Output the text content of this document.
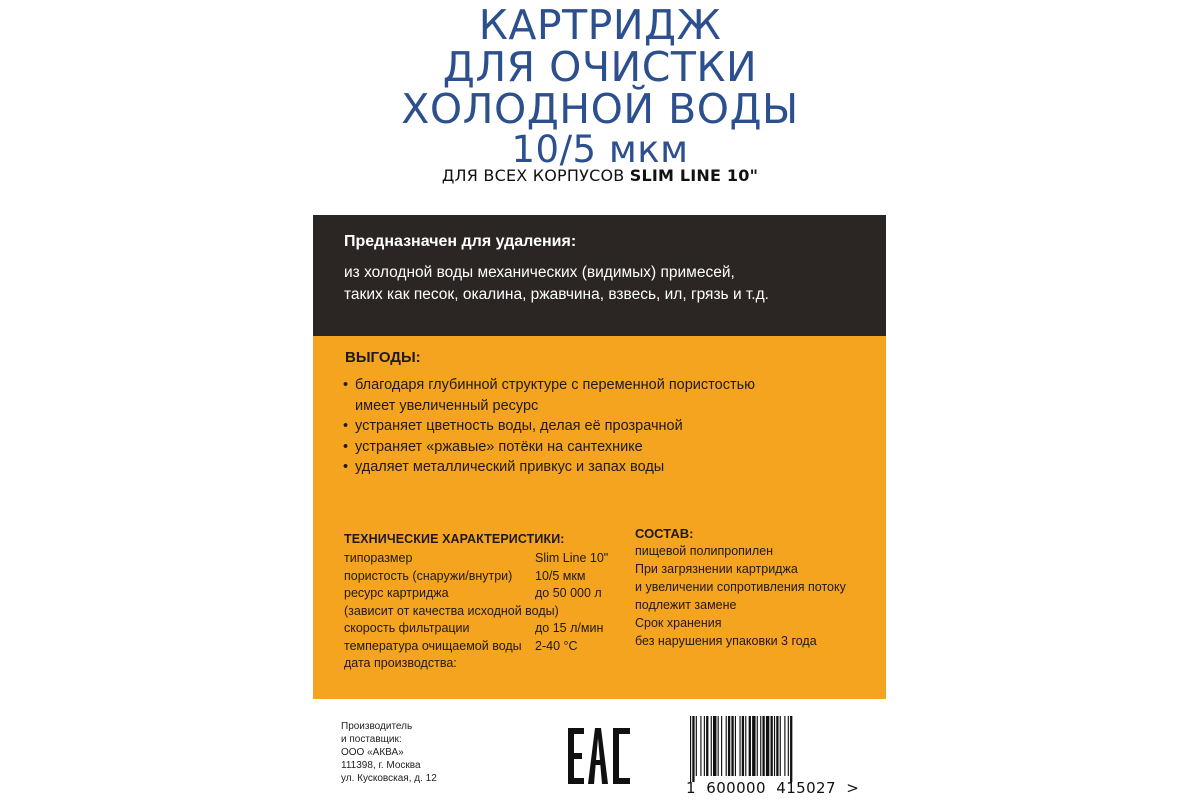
КАРТРИДЖ
ДЛЯ ОЧИСТКИ
ХОЛОДНОЙ ВОДЫ
10/5 мкм
ДЛЯ ВСЕХ КОРПУСОВ SLIM LINE 10"
Предназначен для удаления:
из холодной воды механических (видимых) примесей,
таких как песок, окалина, ржавчина, взвесь, ил, грязь и т.д.
ВЫГОДЫ:
• благодаря глубинной структуре с переменной пористостью
имеет увеличенный ресурс
• устраняет цветность воды, делая её прозрачной
• устраняет «ржавые» потёки на сантехнике
• удаляет металлический привкус и запах воды
ТЕХНИЧЕСКИЕ ХАРАКТЕРИСТИКИ:
типоразмер	Slim Line 10"
пористость (снаружи/внутри) 10/5 мкм
ресурс картриджа	до 50 000 л
(зависит от качества исходной воды)
скорость фильтрации	до 15 л/мин
температура очищаемой воды 2-40 °С
дата производства:
СОСТАВ:
пищевой полипропилен
При загрязнении картриджа
и увеличении сопротивления потоку
подлежит замене
Срок хранения
без нарушения упаковки 3 года
Производитель
и поставщик:
ООО «АКВА»
111398, г. Москва
ул. Кусковская, д. 12
1  600000  415027  >
